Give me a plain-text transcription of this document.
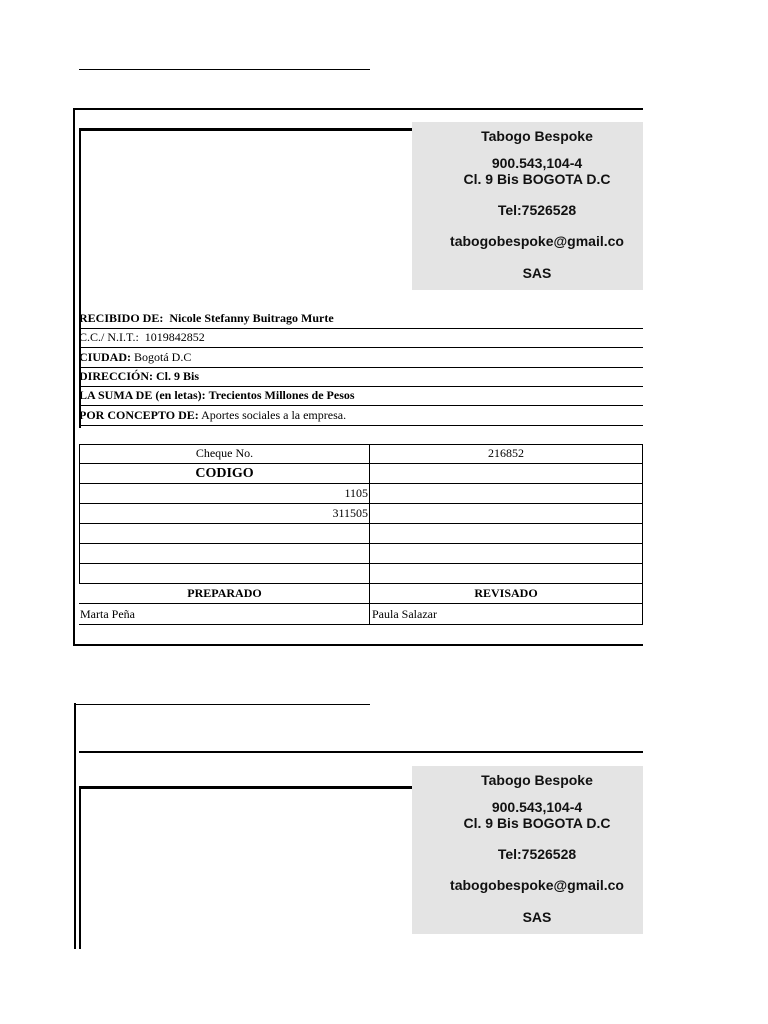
Tabogo Bespoke
900.543,104-4
Cl. 9 Bis BOGOTA D.C
Tel:7526528
tabogobespoke@gmail.co
SAS
RECIBIDO DE: Nicole Stefanny Buitrago Murte
C.C./ N.I.T.: 1019842852
CIUDAD: Bogotá D.C
DIRECCIÓN: Cl. 9 Bis
LA SUMA DE (en letas): Trecientos Millones de Pesos
POR CONCEPTO DE: Aportes sociales a la empresa.
Cheque No.	216852
CODIGO
1105
311505
PREPARADO	REVISADO
Marta Peña	Paula Salazar
Tabogo Bespoke
900.543,104-4
Cl. 9 Bis BOGOTA D.C
Tel:7526528
tabogobespoke@gmail.co
SAS
